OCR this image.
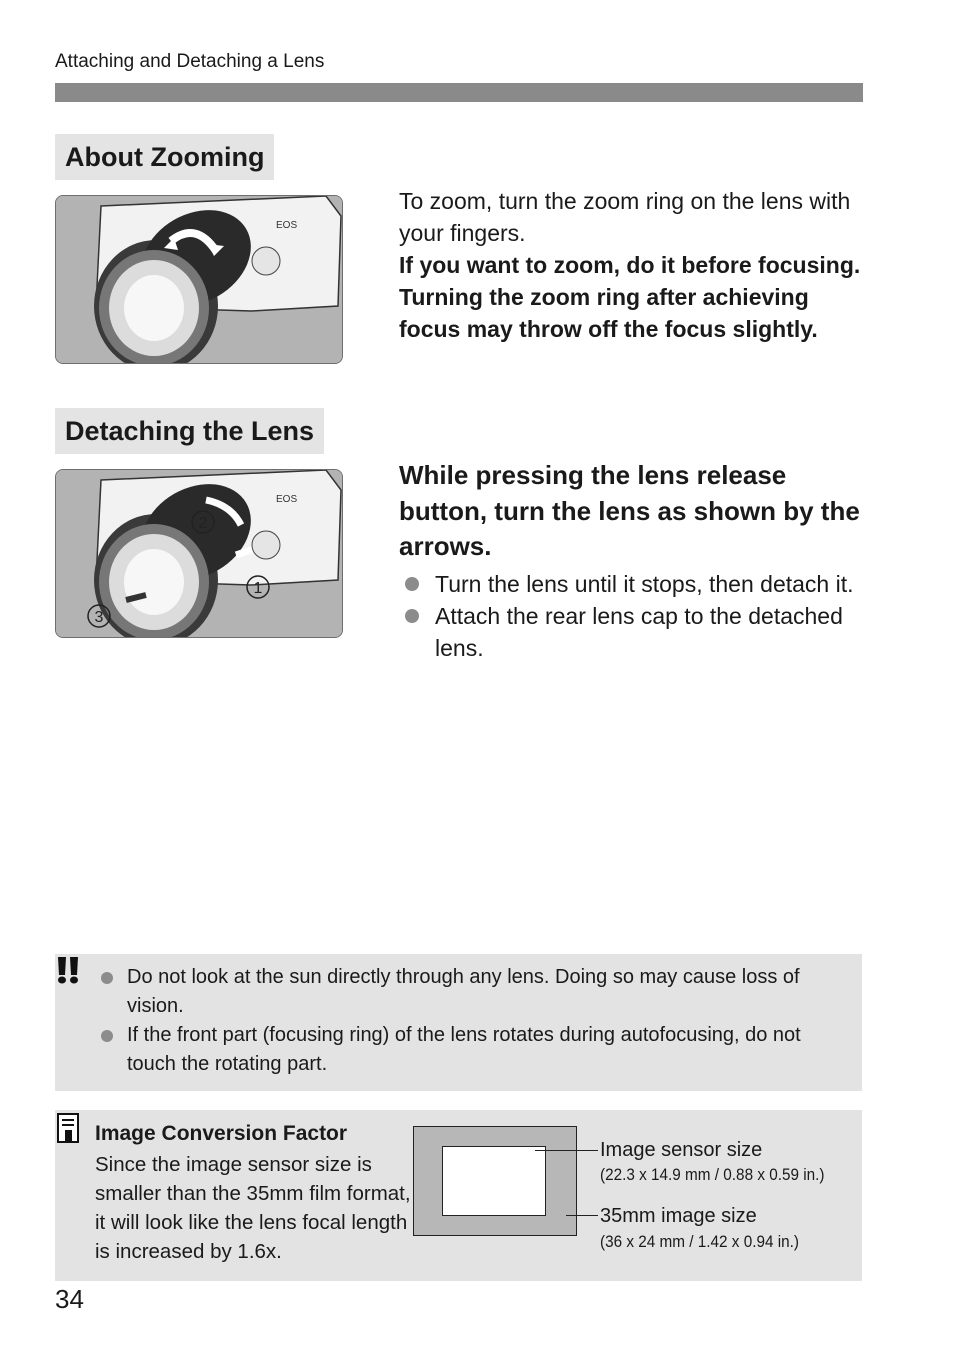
Attaching and Detaching a Lens
About Zooming
EOS
To zoom, turn the zoom ring on the lens with your fingers.
If you want to zoom, do it before focusing. Turning the zoom ring after achieving focus may throw off the focus slightly.
Detaching the Lens
EOS
2
1
3
While pressing the lens release button, turn the lens as shown by the arrows.
Turn the lens until it stops, then detach it.
Attach the rear lens cap to the detached lens.
Do not look at the sun directly through any lens. Doing so may cause loss of vision.
If the front part (focusing ring) of the lens rotates during autofocusing, do not touch the rotating part.
Image Conversion Factor
Since the image sensor size is smaller than the 35mm film format, it will look like the lens focal length is increased by 1.6x.
Image sensor size
(22.3 x 14.9 mm / 0.88 x 0.59 in.)
35mm image size
(36 x 24 mm / 1.42 x 0.94 in.)
34
